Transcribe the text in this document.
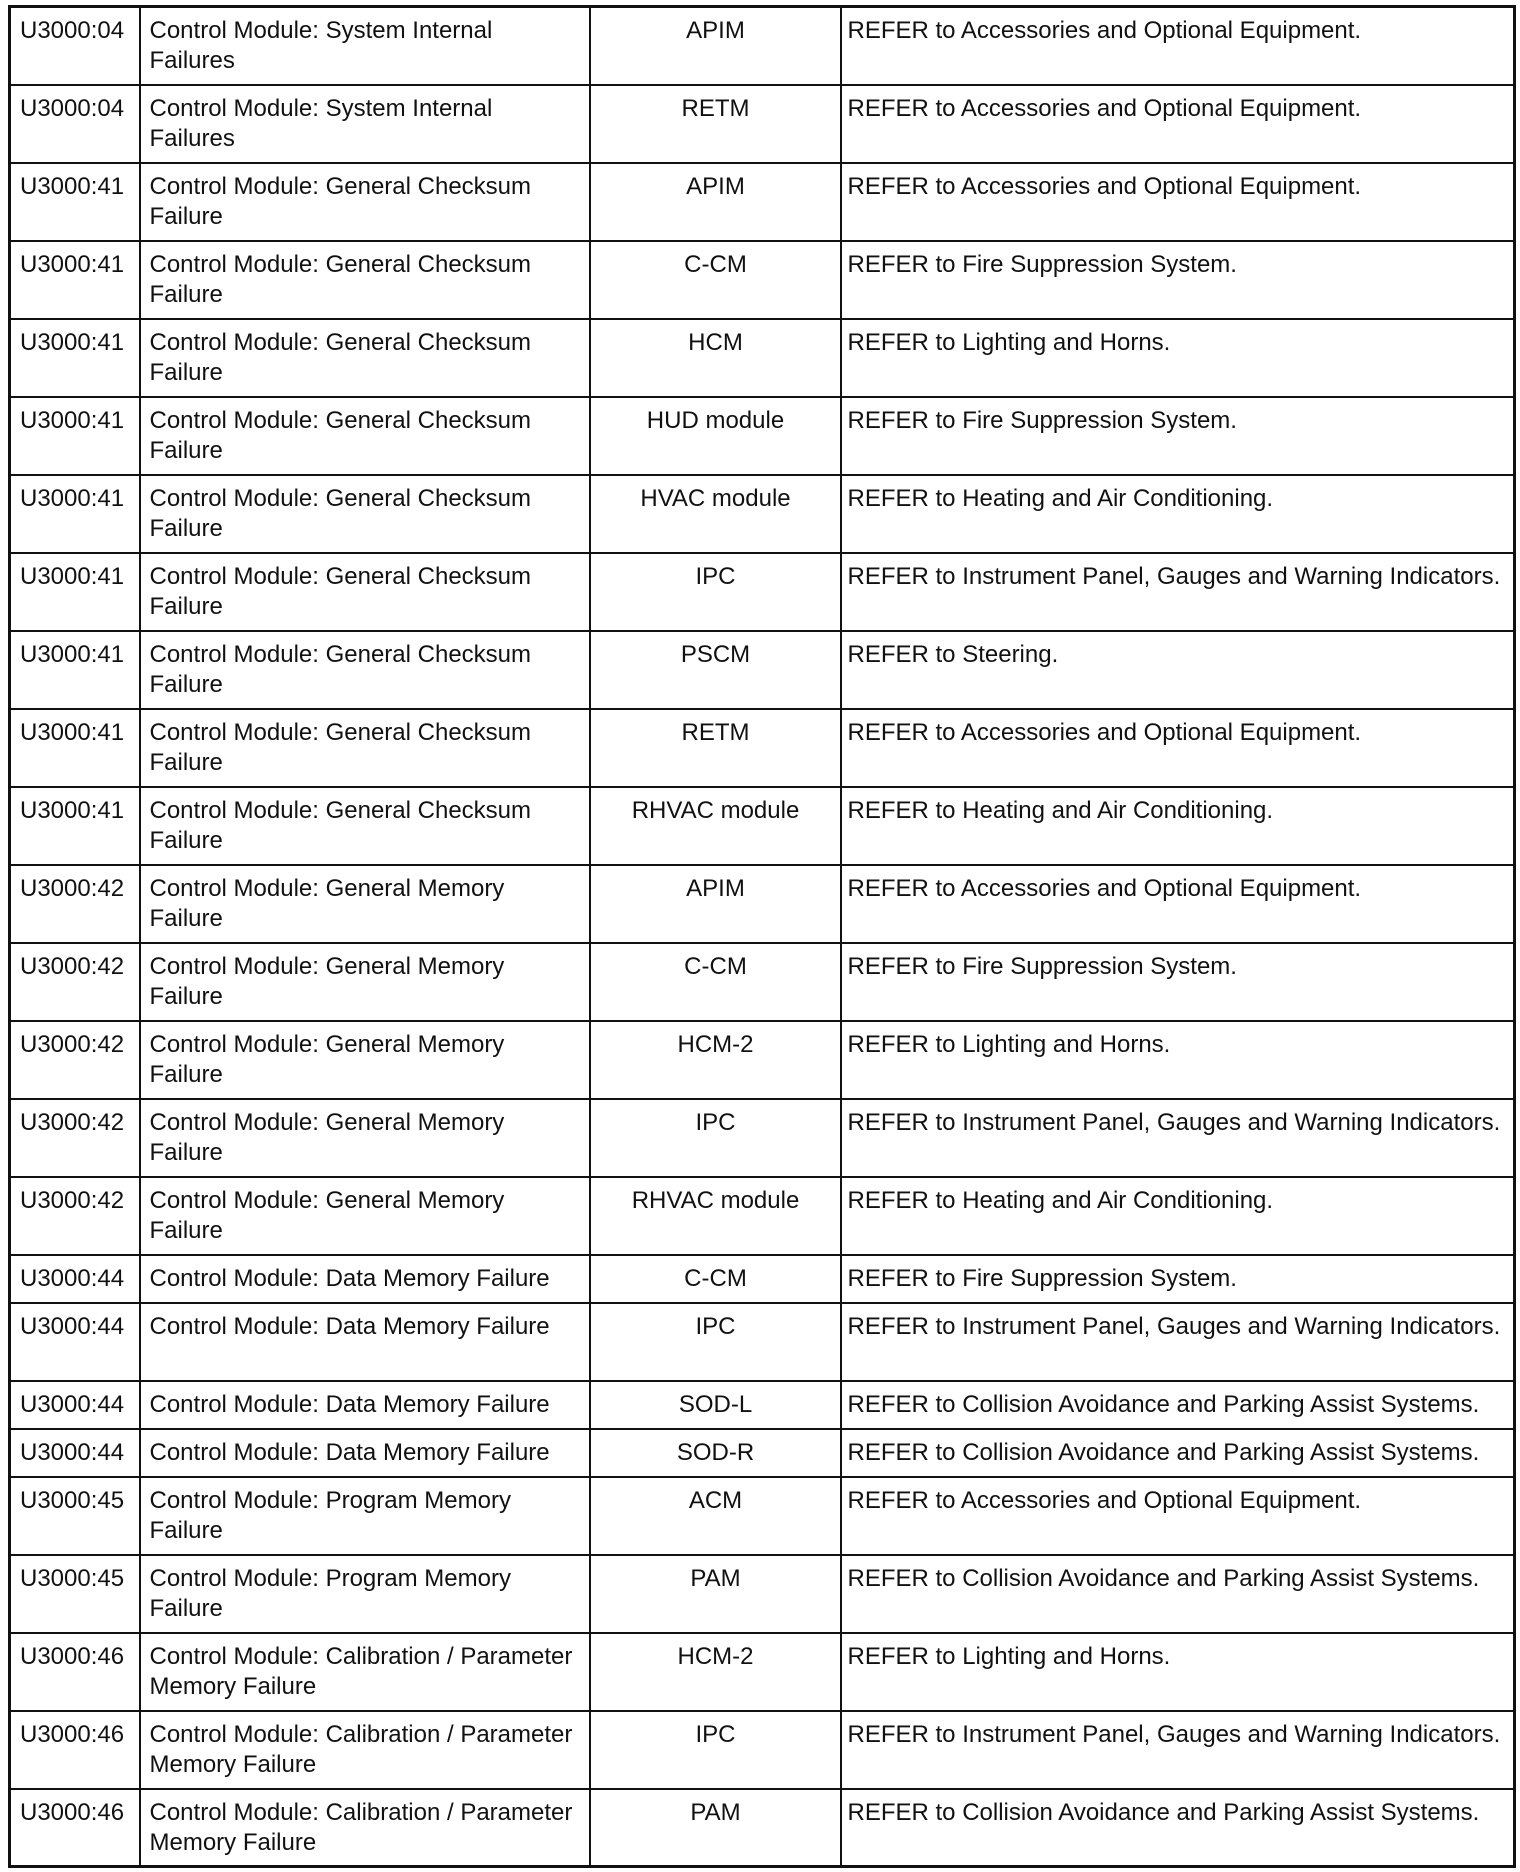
U3000:04	Control Module: System Internal Failures	APIM	REFER to Accessories and Optional Equipment.
U3000:04	Control Module: System Internal Failures	RETM	REFER to Accessories and Optional Equipment.
U3000:41	Control Module: General Checksum Failure	APIM	REFER to Accessories and Optional Equipment.
U3000:41	Control Module: General Checksum Failure	C-CM	REFER to Fire Suppression System.
U3000:41	Control Module: General Checksum Failure	HCM	REFER to Lighting and Horns.
U3000:41	Control Module: General Checksum Failure	HUD module	REFER to Fire Suppression System.
U3000:41	Control Module: General Checksum Failure	HVAC module	REFER to Heating and Air Conditioning.
U3000:41	Control Module: General Checksum Failure	IPC	REFER to Instrument Panel, Gauges and Warning Indicators.
U3000:41	Control Module: General Checksum Failure	PSCM	REFER to Steering.
U3000:41	Control Module: General Checksum Failure	RETM	REFER to Accessories and Optional Equipment.
U3000:41	Control Module: General Checksum Failure	RHVAC module	REFER to Heating and Air Conditioning.
U3000:42	Control Module: General Memory Failure	APIM	REFER to Accessories and Optional Equipment.
U3000:42	Control Module: General Memory Failure	C-CM	REFER to Fire Suppression System.
U3000:42	Control Module: General Memory Failure	HCM-2	REFER to Lighting and Horns.
U3000:42	Control Module: General Memory Failure	IPC	REFER to Instrument Panel, Gauges and Warning Indicators.
U3000:42	Control Module: General Memory Failure	RHVAC module	REFER to Heating and Air Conditioning.
U3000:44	Control Module: Data Memory Failure	C-CM	REFER to Fire Suppression System.
U3000:44	Control Module: Data Memory Failure	IPC	REFER to Instrument Panel, Gauges and Warning Indicators.
U3000:44	Control Module: Data Memory Failure	SOD-L	REFER to Collision Avoidance and Parking Assist Systems.
U3000:44	Control Module: Data Memory Failure	SOD-R	REFER to Collision Avoidance and Parking Assist Systems.
U3000:45	Control Module: Program Memory Failure	ACM	REFER to Accessories and Optional Equipment.
U3000:45	Control Module: Program Memory Failure	PAM	REFER to Collision Avoidance and Parking Assist Systems.
U3000:46	Control Module: Calibration / Parameter Memory Failure	HCM-2	REFER to Lighting and Horns.
U3000:46	Control Module: Calibration / Parameter Memory Failure	IPC	REFER to Instrument Panel, Gauges and Warning Indicators.
U3000:46	Control Module: Calibration / Parameter Memory Failure	PAM	REFER to Collision Avoidance and Parking Assist Systems.
